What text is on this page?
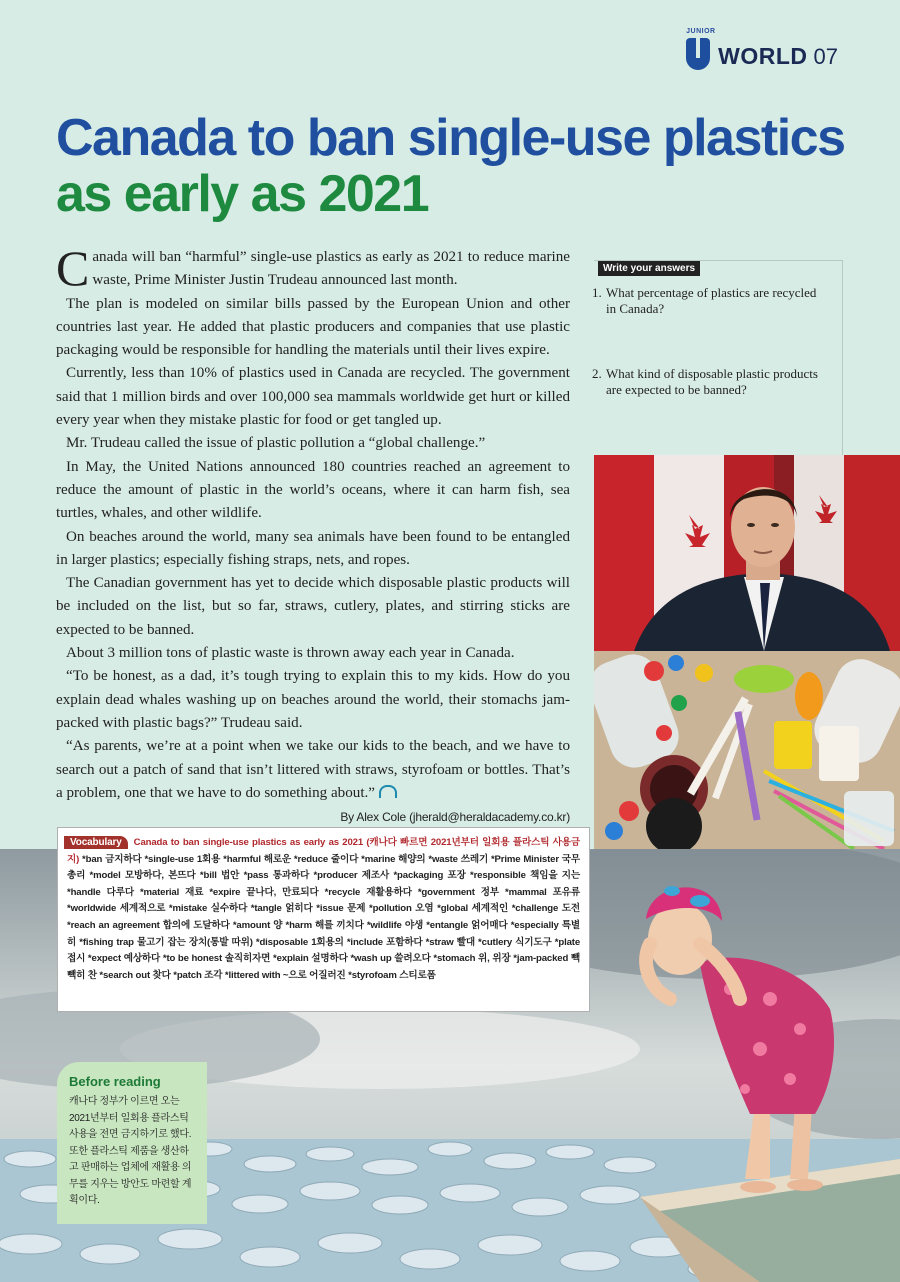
JUNIOR
WORLD 07
Canada to ban single-use plastics
as early as 2021

Canada will ban “harmful” single-use plastics as early as 2021 to reduce marine waste, Prime Minister Justin Trudeau announced last month.

The plan is modeled on similar bills passed by the European Union and other countries last year. He added that plastic producers and companies that use plastic packaging would be responsible for handling the materials until their lives expire.

Currently, less than 10% of plastics used in Canada are recycled. The government said that 1 million birds and over 100,000 sea mammals worldwide get hurt or killed every year when they mistake plastic for food or get tangled up.

Mr. Trudeau called the issue of plastic pollution a “global challenge.”

In May, the United Nations announced 180 countries reached an agreement to reduce the amount of plastic in the world’s oceans, where it can harm fish, sea turtles, whales, and other wildlife.

On beaches around the world, many sea animals have been found to be entangled in larger plastics; especially fishing straps, nets, and ropes.

The Canadian government has yet to decide which disposable plastic products will be included on the list, but so far, straws, cutlery, plates, and stirring sticks are expected to be banned.

About 3 million tons of plastic waste is thrown away each year in Canada.

“To be honest, as a dad, it’s tough trying to explain this to my kids. How do you explain dead whales washing up on beaches around the world, their stomachs jam-packed with plastic bags?” Trudeau said.

“As parents, we’re at a point when we take our kids to the beach, and we have to search out a patch of sand that isn’t littered with straws, styrofoam or bottles. That’s a problem, one that we have to do something about.”

By Alex Cole (jherald@heraldacademy.co.kr)
Write your answers
1. What percentage of plastics are recycled in Canada?
2. What kind of disposable plastic products are expected to be banned?
Vocabulary Canada to ban single-use plastics as early as 2021 (캐나다 빠르면 2021년부터 일회용 플라스틱 사용금지) *ban 금지하다 *single-use 1회용 *harmful 해로운 *reduce 줄이다 *marine 해양의 *waste 쓰레기 *Prime Minister 국무총리 *model 모방하다, 본뜨다 *bill 법안 *pass 통과하다 *producer 제조사 *packaging 포장 *responsible 책임을 지는 *handle 다루다 *material 재료 *expire 끝나다, 만료되다 *recycle 재활용하다 *government 정부 *mammal 포유류 *worldwide 세계적으로 *mistake 실수하다 *tangle 얽히다 *issue 문제 *pollution 오염 *global 세계적인 *challenge 도전 *reach an agreement 합의에 도달하다 *amount 양 *harm 해를 끼치다 *wildlife 야생 *entangle 얽어매다 *especially 특별히 *fishing trap 물고기 잡는 장치(통발 따위) *disposable 1회용의 *include 포함하다 *straw 빨대 *cutlery 식기도구 *plate 접시 *expect 예상하다 *to be honest 솔직히자면 *explain 설명하다 *wash up 쓸려오다 *stomach 위, 위장 *jam-packed 빽빽히 찬 *search out 찾다 *patch 조각 *littered with ~으로 어질러진 *styrofoam 스티로폼
Before reading
캐나다 정부가 이르면 오는 2021년부터 일회용 플라스틱 사용을 전면 금지하기로 했다. 또한 플라스틱 제품을 생산하고 판매하는 업체에 재활용 의무를 지우는 방안도 마련할 계획이다.
